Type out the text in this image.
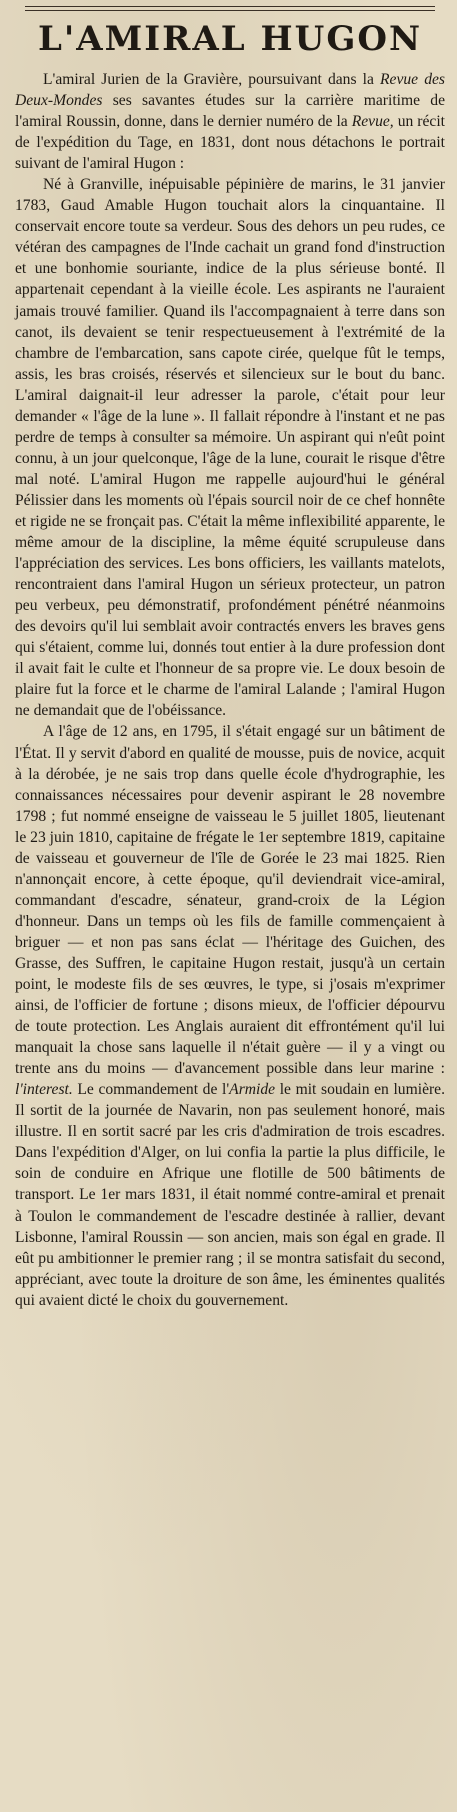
L'AMIRAL HUGON

L'amiral Jurien de la Gravière, poursuivant dans la Revue des Deux-Mondes ses savantes études sur la carrière maritime de l'amiral Roussin, donne, dans le dernier numéro de la Revue, un récit de l'expédition du Tage, en 1831, dont nous détachons le portrait suivant de l'amiral Hugon :

Né à Granville, inépuisable pépinière de marins, le 31 janvier 1783, Gaud Amable Hugon touchait alors la cinquantaine. Il conservait encore toute sa verdeur. Sous des dehors un peu rudes, ce vétéran des campagnes de l'Inde cachait un grand fond d'instruction et une bonhomie souriante, indice de la plus sérieuse bonté. Il appartenait cependant à la vieille école. Les aspirants ne l'auraient jamais trouvé familier. Quand ils l'accompagnaient à terre dans son canot, ils devaient se tenir respectueusement à l'extrémité de la chambre de l'embarcation, sans capote cirée, quelque fût le temps, assis, les bras croisés, réservés et silencieux sur le bout du banc. L'amiral daignait-il leur adresser la parole, c'était pour leur demander « l'âge de la lune ». Il fallait répondre à l'instant et ne pas perdre de temps à consulter sa mémoire. Un aspirant qui n'eût point connu, à un jour quelconque, l'âge de la lune, courait le risque d'être mal noté. L'amiral Hugon me rappelle aujourd'hui le général Pélissier dans les moments où l'épais sourcil noir de ce chef honnête et rigide ne se fronçait pas. C'était la même inflexibilité apparente, le même amour de la discipline, la même équité scrupuleuse dans l'appréciation des services. Les bons officiers, les vaillants matelots, rencontraient dans l'amiral Hugon un sérieux protecteur, un patron peu verbeux, peu démonstratif, profondément pénétré néanmoins des devoirs qu'il lui semblait avoir contractés envers les braves gens qui s'étaient, comme lui, donnés tout entier à la dure profession dont il avait fait le culte et l'honneur de sa propre vie. Le doux besoin de plaire fut la force et le charme de l'amiral Lalande ; l'amiral Hugon ne demandait que de l'obéissance.

A l'âge de 12 ans, en 1795, il s'était engagé sur un bâtiment de l'État. Il y servit d'abord en qualité de mousse, puis de novice, acquit à la dérobée, je ne sais trop dans quelle école d'hydrographie, les connaissances nécessaires pour devenir aspirant le 28 novembre 1798 ; fut nommé enseigne de vaisseau le 5 juillet 1805, lieutenant le 23 juin 1810, capitaine de frégate le 1er septembre 1819, capitaine de vaisseau et gouverneur de l'île de Gorée le 23 mai 1825. Rien n'annonçait encore, à cette époque, qu'il deviendrait vice-amiral, commandant d'escadre, sénateur, grand-croix de la Légion d'honneur. Dans un temps où les fils de famille commençaient à briguer — et non pas sans éclat — l'héritage des Guichen, des Grasse, des Suffren, le capitaine Hugon restait, jusqu'à un certain point, le modeste fils de ses œuvres, le type, si j'osais m'exprimer ainsi, de l'officier de fortune ; disons mieux, de l'officier dépourvu de toute protection. Les Anglais auraient dit effrontément qu'il lui manquait la chose sans laquelle il n'était guère — il y a vingt ou trente ans du moins — d'avancement possible dans leur marine : l'interest. Le commandement de l'Armide le mit soudain en lumière. Il sortit de la journée de Navarin, non pas seulement honoré, mais illustre. Il en sortit sacré par les cris d'admiration de trois escadres. Dans l'expédition d'Alger, on lui confia la partie la plus difficile, le soin de conduire en Afrique une flotille de 500 bâtiments de transport. Le 1er mars 1831, il était nommé contre-amiral et prenait à Toulon le commandement de l'escadre destinée à rallier, devant Lisbonne, l'amiral Roussin — son ancien, mais son égal en grade. Il eût pu ambitionner le premier rang ; il se montra satisfait du second, appréciant, avec toute la droiture de son âme, les éminentes qualités qui avaient dicté le choix du gouvernement.
